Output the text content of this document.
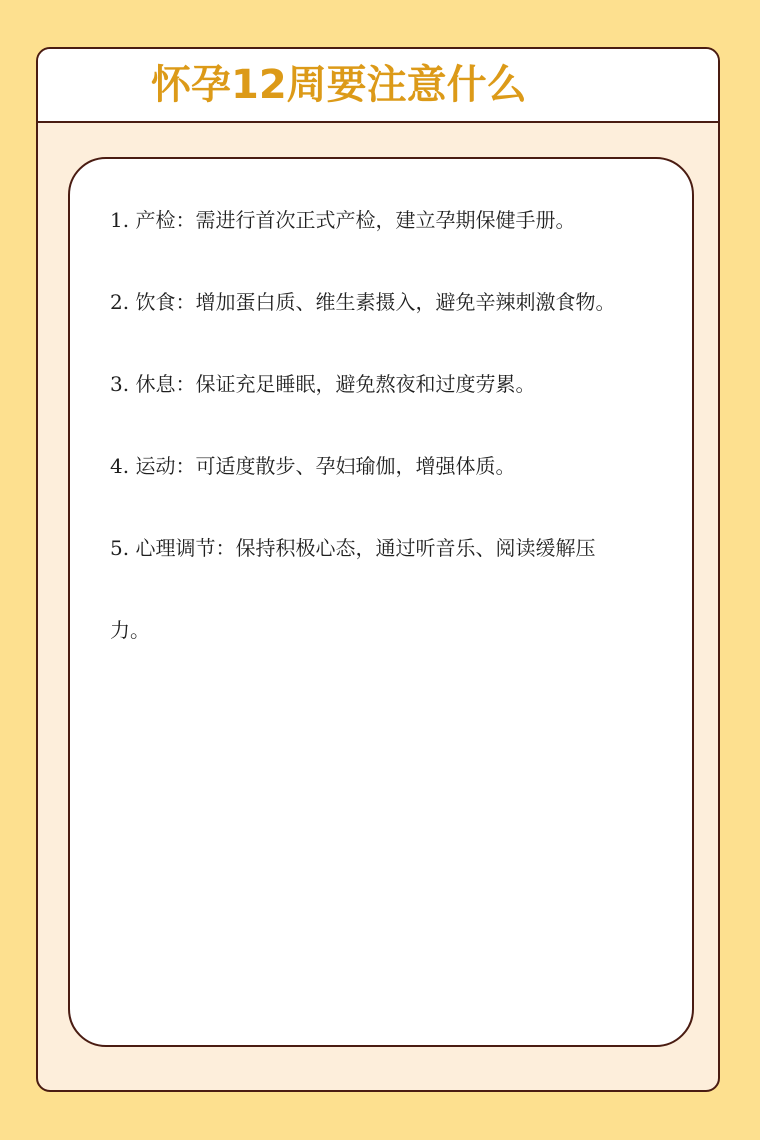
怀孕12周要注意什么
1. 产检：需进行首次正式产检，建立孕期保健手册。
2. 饮食：增加蛋白质、维生素摄入，避免辛辣刺激食物。
3. 休息：保证充足睡眠，避免熬夜和过度劳累。
4. 运动：可适度散步、孕妇瑜伽，增强体质。
5. 心理调节：保持积极心态，通过听音乐、阅读缓解压力。
